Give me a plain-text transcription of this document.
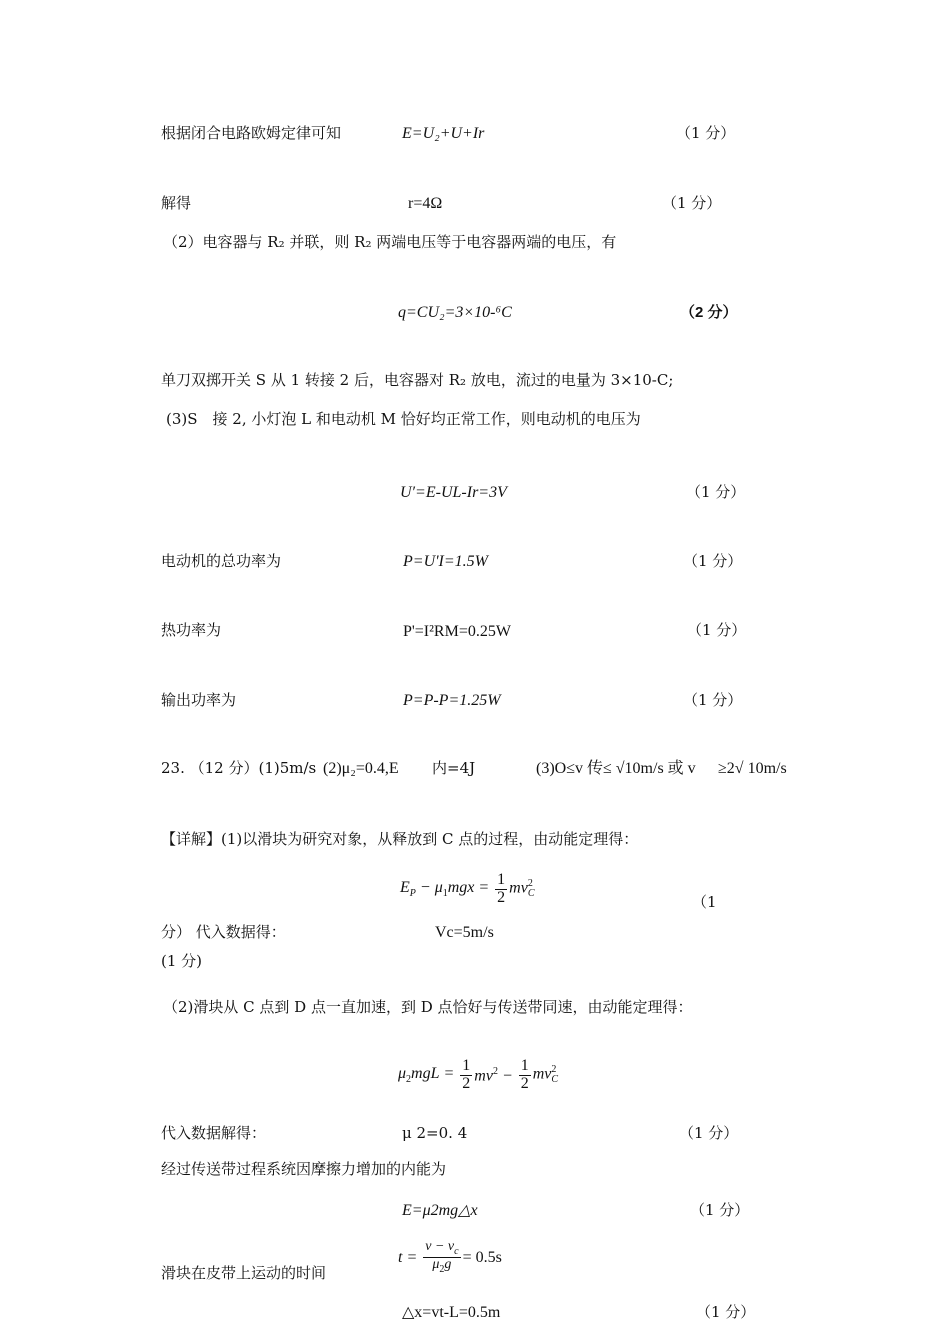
根据闭合电路欧姆定律可知	E=U₂+U+Ir	（1 分）
解得	r=4Ω	（1 分）
（2）电容器与 R₂ 并联，则 R₂ 两端电压等于电容器两端的电压，有
q=CU₂=3×10-⁶C	（2 分）
单刀双掷开关 S 从 1 转接 2 后，电容器对 R₂ 放电，流过的电量为 3×10-C;
(3)S　接 2, 小灯泡 L 和电动机 M 恰好均正常工作，则电动机的电压为
U′=E-UL-Ir=3V	（1 分）
电动机的总功率为	P=U'I=1.5W	（1 分）
热功率为	P'=I²RM=0.25W	（1 分）
输出功率为	P=P-P=1.25W	（1 分）
23. （12 分）(1)5m/s (2)μ₂=0.4,E 内=4J	(3)O≤v 传≤ √10m/s 或 v ≥2√ 10m/s
【详解】(1)以滑块为研究对象，从释放到 C 点的过程，由动能定理得：
$E_P - \mu_1mgx = \frac{1}{2}$ mv 2
C	（1
分） 代入数据得：	Vc=5m/s
(1 分)
（2)滑块从 C 点到 D 点一直加速，到 D 点恰好与传送带同速，由动能定理得：
$\mu_2mgL = \frac{1}{2} mv^2 - \frac{1}{2}$ mv 2
C
代入数据解得：	μ 2=0. 4	（1 分）
经过传送带过程系统因摩擦力增加的内能为
E=μ2mg△x	（1 分）
$t = \frac{v - v_c}{\mu_2g} = 0.5s$
滑块在皮带上运动的时间
△x=vt-L=0.5m	（1 分）
